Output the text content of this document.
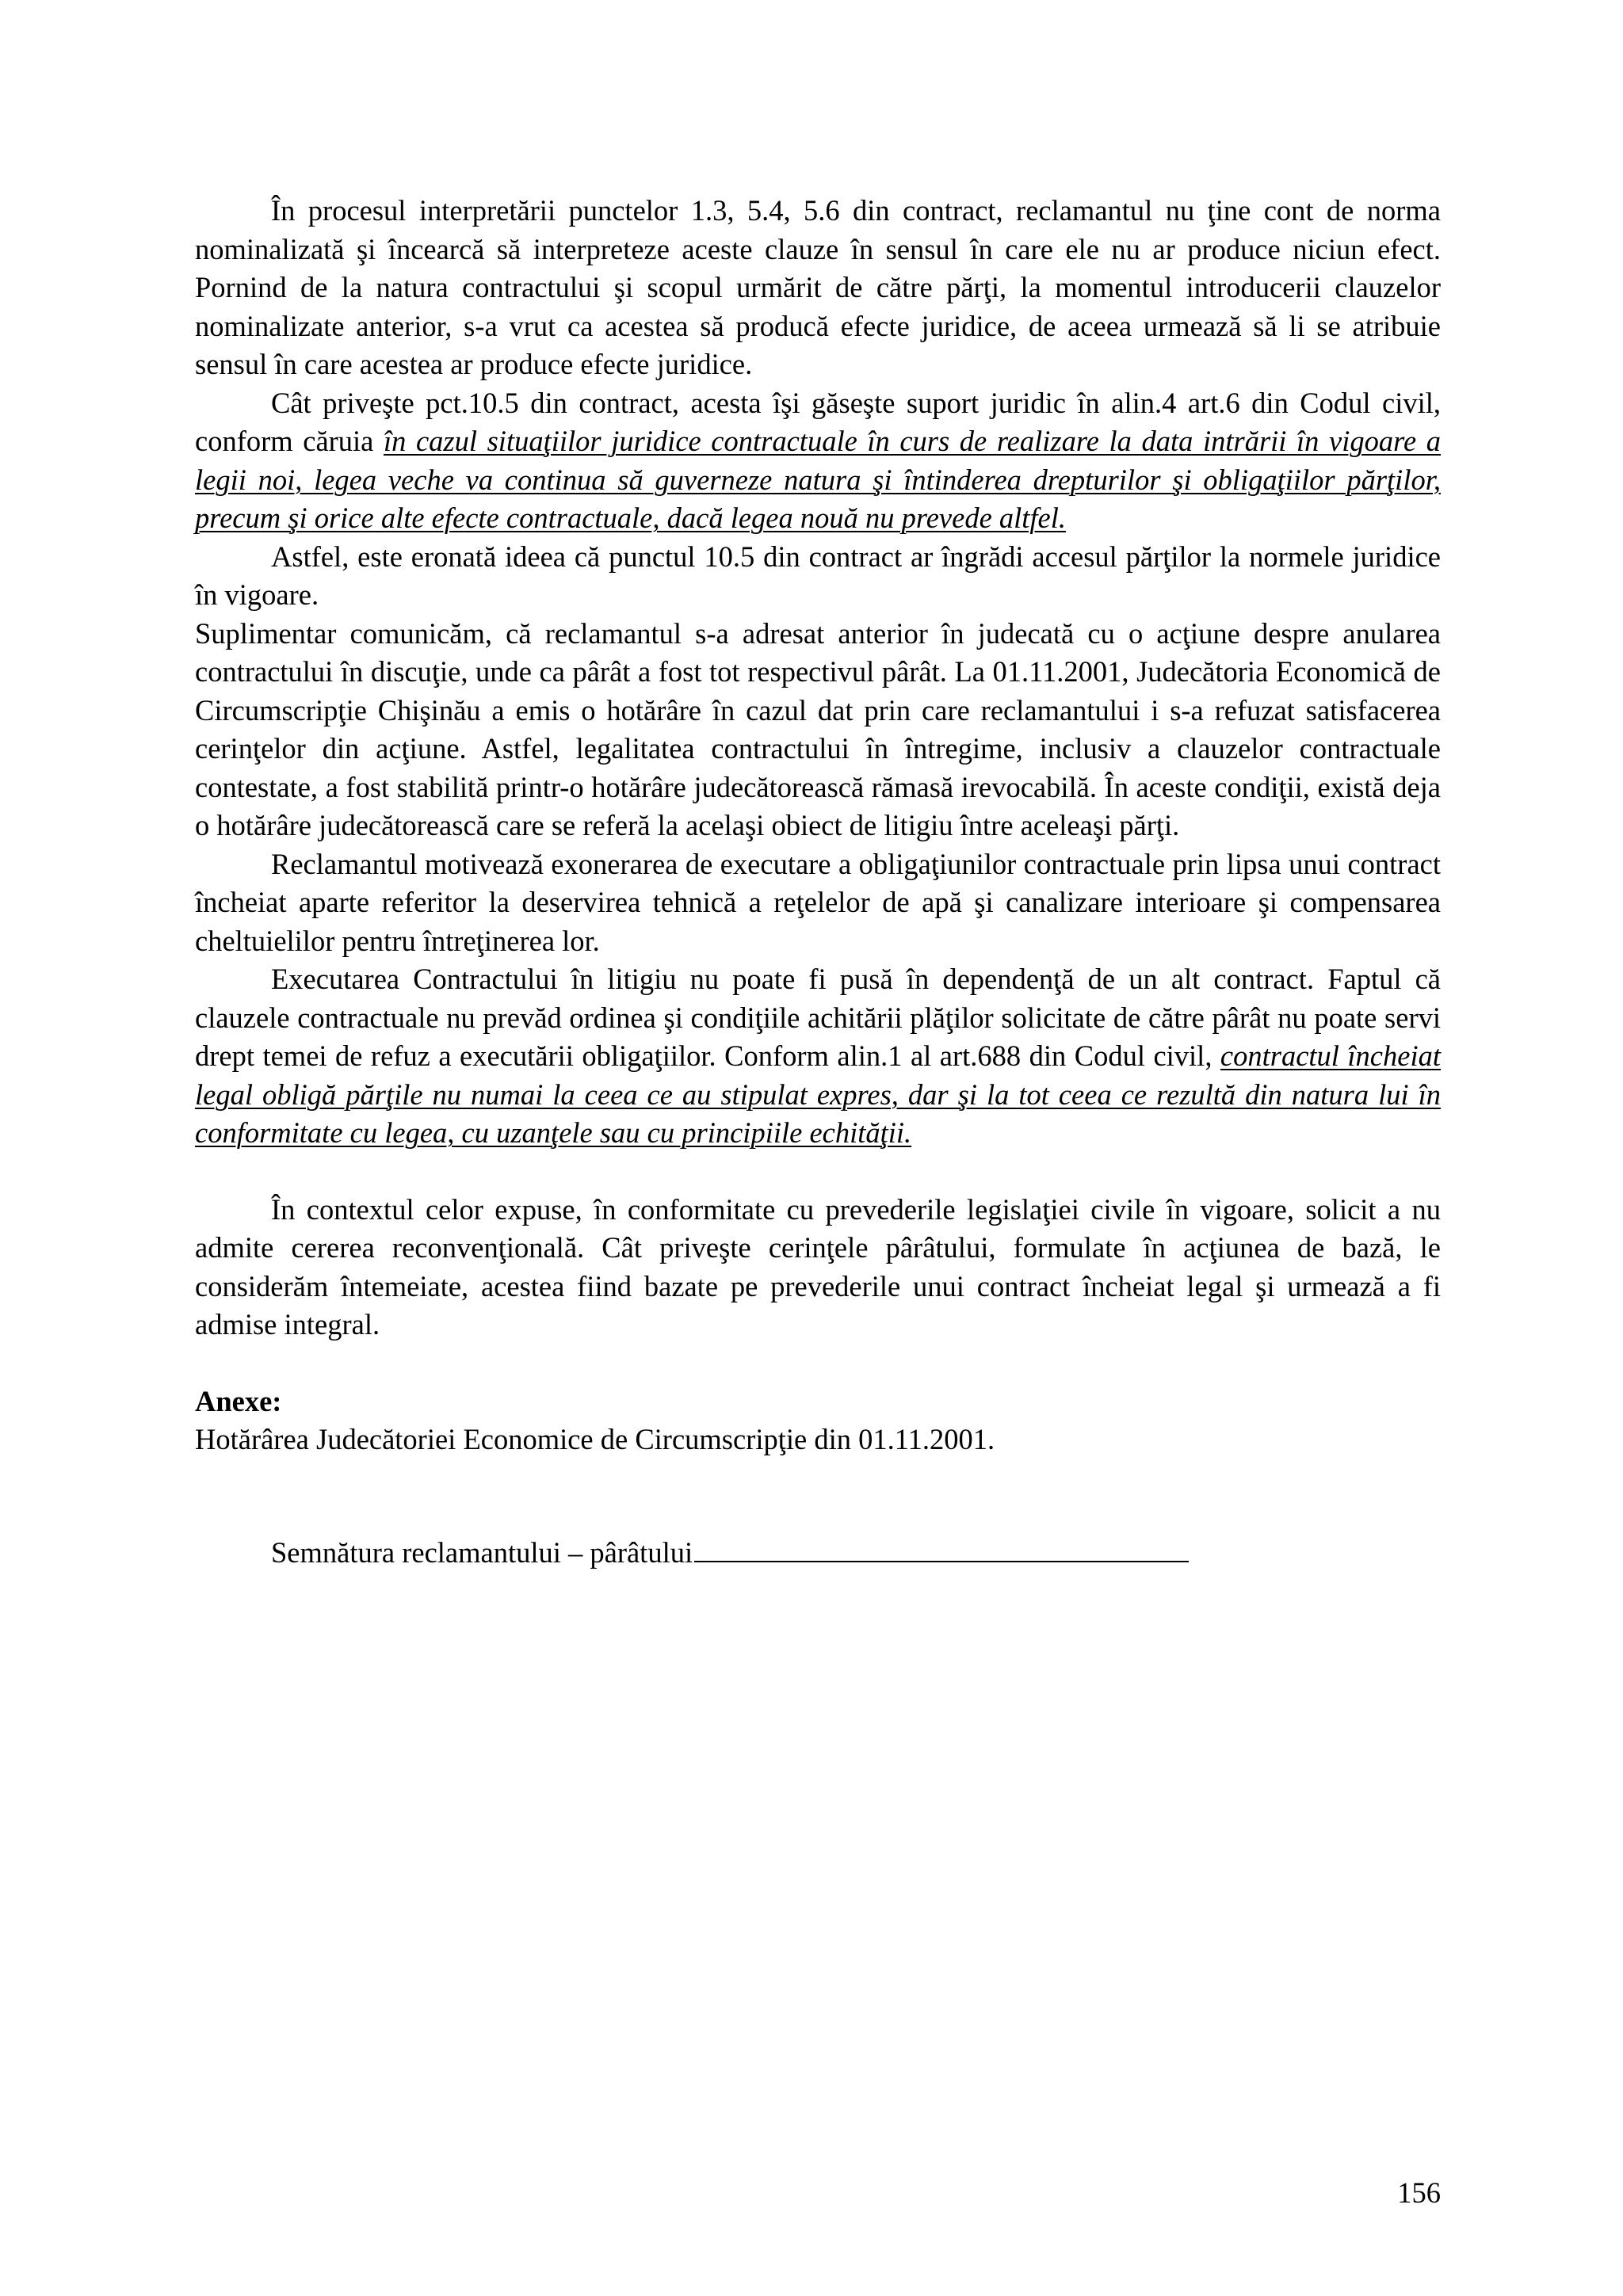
În procesul interpretării punctelor 1.3, 5.4, 5.6 din contract, reclamantul nu ţine cont de norma nominalizată şi încearcă să interpreteze aceste clauze în sensul în care ele nu ar produce niciun efect. Pornind de la natura contractului şi scopul urmărit de către părţi, la momentul introducerii clauzelor nominalizate anterior, s-a vrut ca acestea să producă efecte juridice, de aceea urmează să li se atribuie sensul în care acestea ar produce efecte juridice.

Cât priveşte pct.10.5 din contract, acesta îşi găseşte suport juridic în alin.4 art.6 din Codul civil, conform căruia în cazul situaţiilor juridice contractuale în curs de realizare la data intrării în vigoare a legii noi, legea veche va continua să guverneze natura şi întinderea drepturilor şi obligaţiilor părţilor, precum şi orice alte efecte contractuale, dacă legea nouă nu prevede altfel.

Astfel, este eronată ideea că punctul 10.5 din contract ar îngrădi accesul părţilor la normele juridice în vigoare.

Suplimentar comunicăm, că reclamantul s-a adresat anterior în judecată cu o acţiune despre anularea contractului în discuţie, unde ca pârât a fost tot respectivul pârât. La 01.11.2001, Judecătoria Economică de Circumscripţie Chişinău a emis o hotărâre în cazul dat prin care reclamantului i s-a refuzat satisfacerea cerinţelor din acţiune. Astfel, legalitatea contractului în întregime, inclusiv a clauzelor contractuale contestate, a fost stabilită printr-o hotărâre judecătorească rămasă irevocabilă. În aceste condiţii, există deja o hotărâre judecătorească care se referă la acelaşi obiect de litigiu între aceleaşi părţi.

Reclamantul motivează exonerarea de executare a obligaţiunilor contractuale prin lipsa unui contract încheiat aparte referitor la deservirea tehnică a reţelelor de apă şi canalizare interioare şi compensarea cheltuielilor pentru întreţinerea lor.

Executarea Contractului în litigiu nu poate fi pusă în dependenţă de un alt contract. Faptul că clauzele contractuale nu prevăd ordinea şi condiţiile achitării plăţilor solicitate de către pârât nu poate servi drept temei de refuz a executării obligaţiilor. Conform alin.1 al art.688 din Codul civil, contractul încheiat legal obligă părţile nu numai la ceea ce au stipulat expres, dar şi la tot ceea ce rezultă din natura lui în conformitate cu legea, cu uzanţele sau cu principiile echităţii.

În contextul celor expuse, în conformitate cu prevederile legislaţiei civile în vigoare, solicit a nu admite cererea reconvenţională. Cât priveşte cerinţele pârâtului, formulate în acţiunea de bază, le considerăm întemeiate, acestea fiind bazate pe prevederile unui contract încheiat legal şi urmează a fi admise integral.

Anexe:

Hotărârea Judecătoriei Economice de Circumscripţie din 01.11.2001.

Semnătura reclamantului – pârâtului

156
